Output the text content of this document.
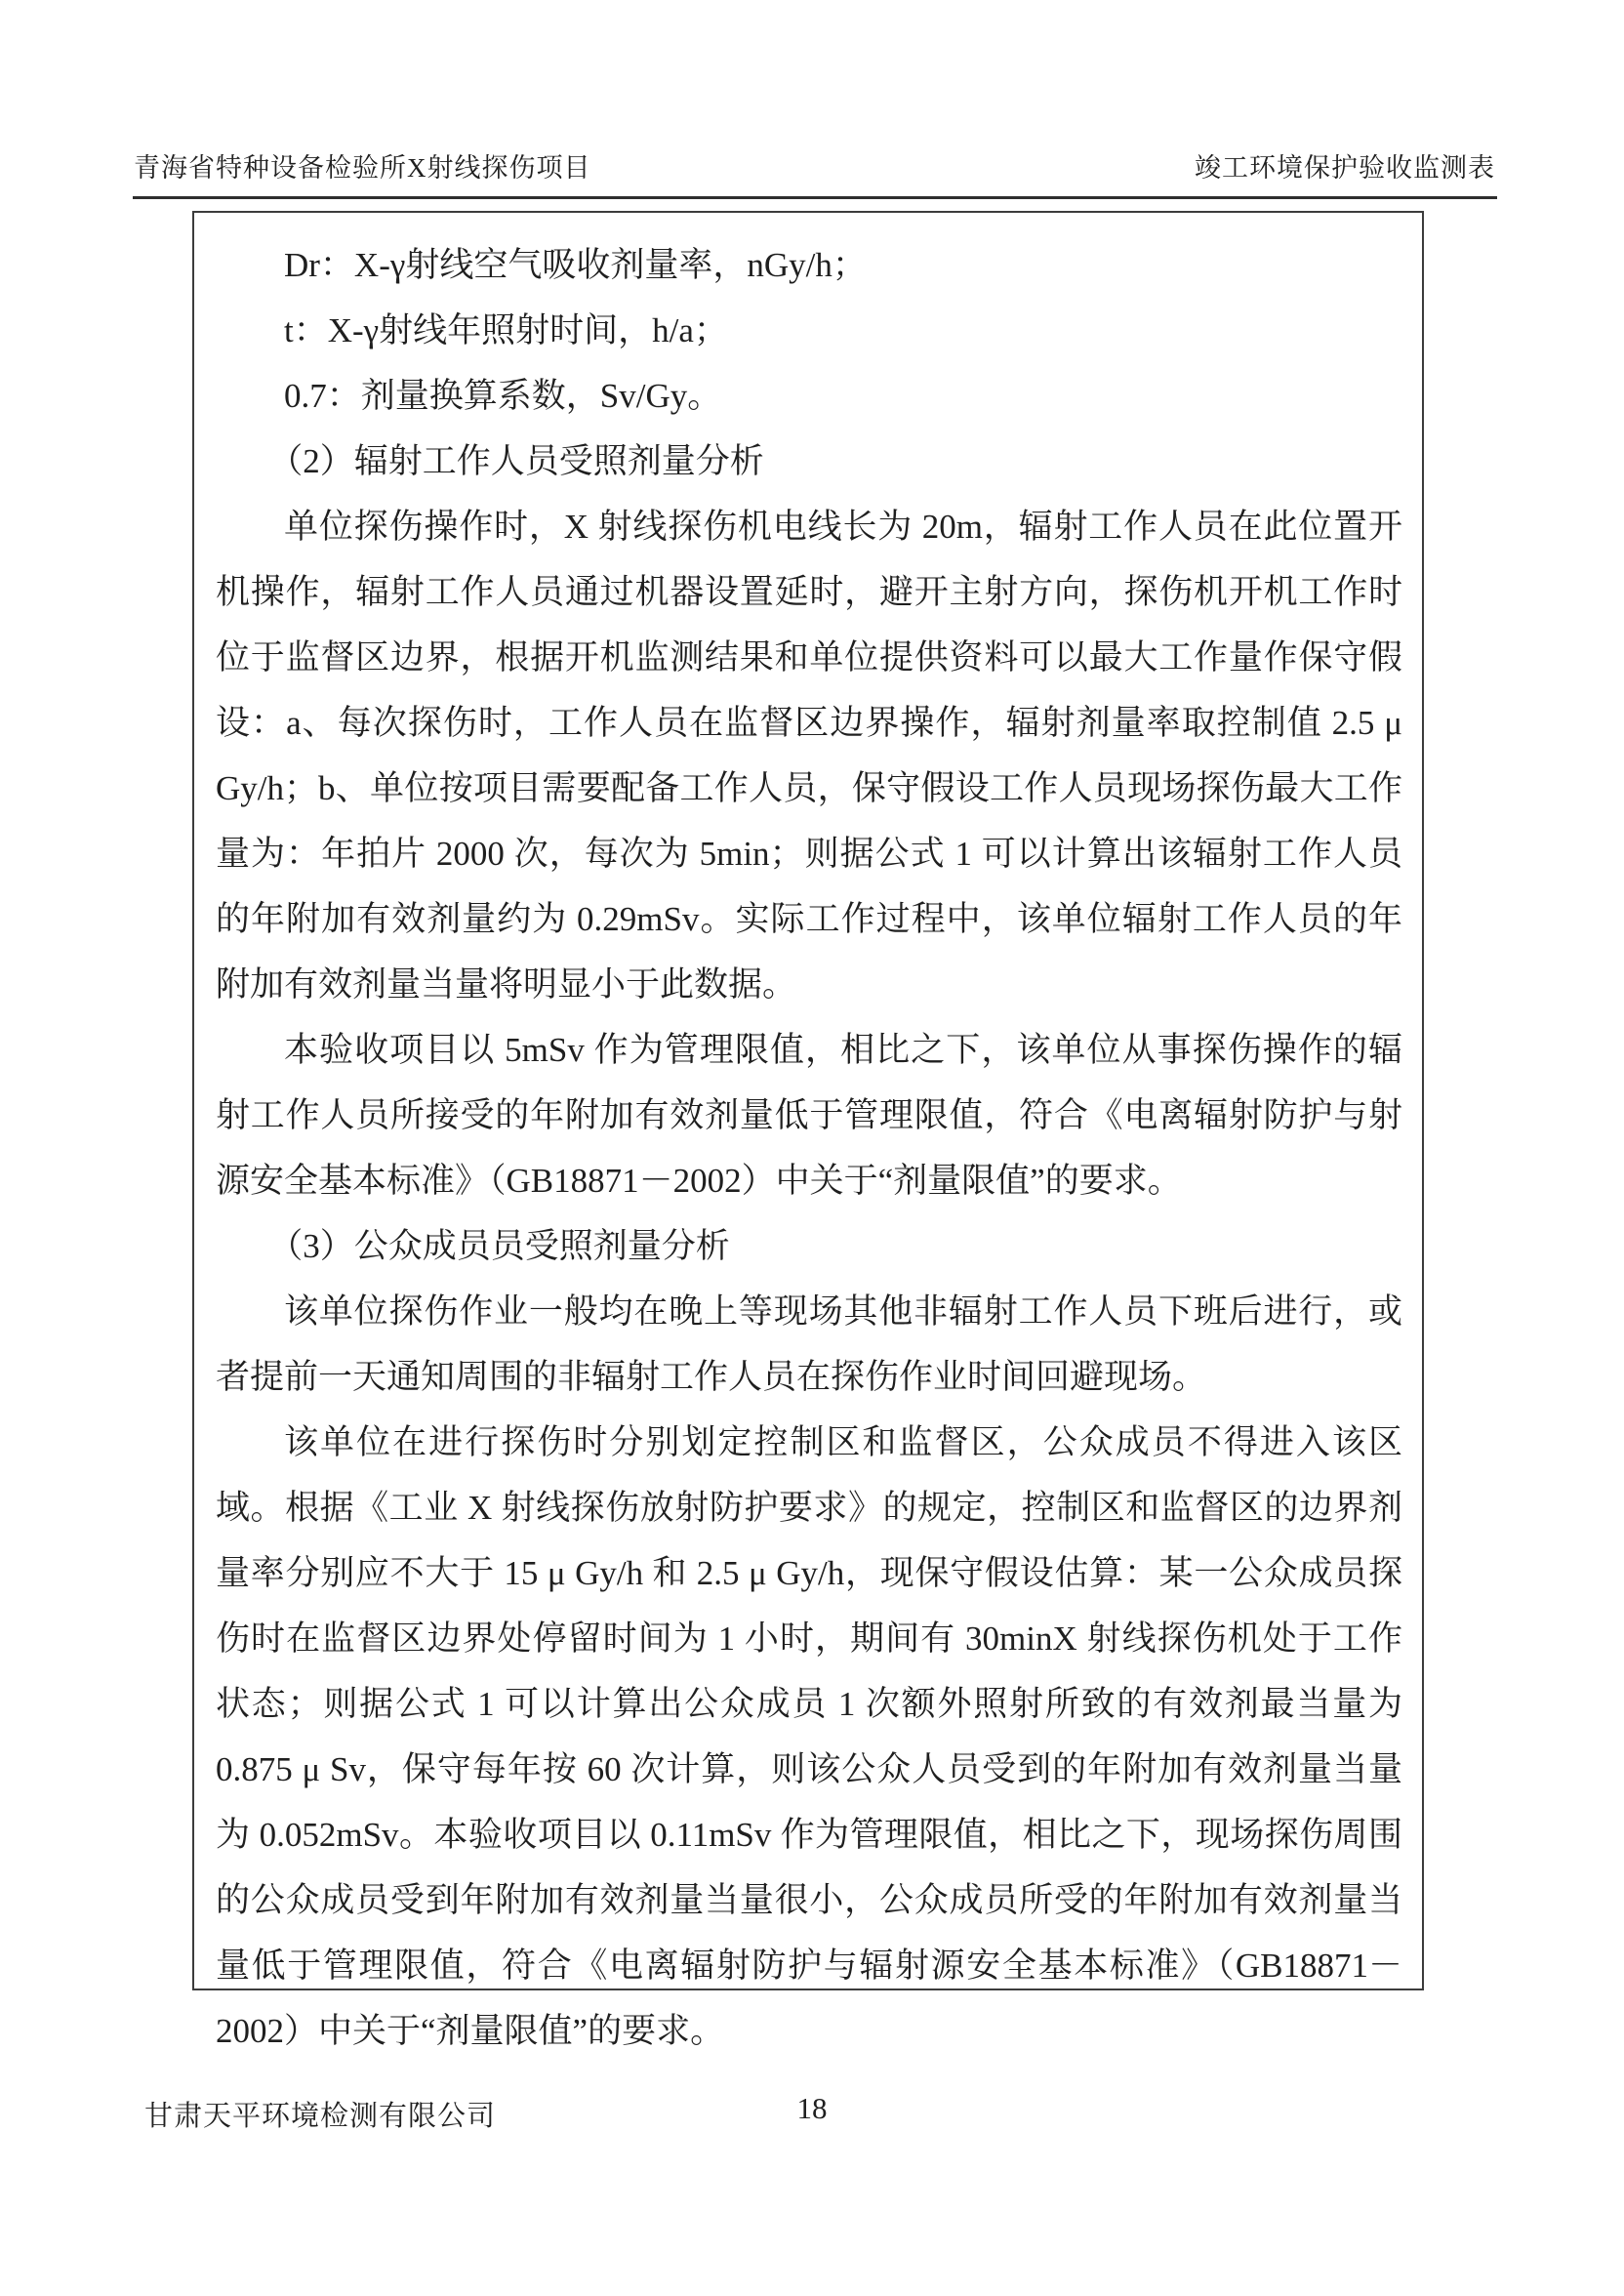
青海省特种设备检验所X射线探伤项目	竣工环境保护验收监测表

Dr：X-γ射线空气吸收剂量率，nGy/h；

t：X-γ射线年照射时间，h/a；

0.7：剂量换算系数，Sv/Gy。

（2）辐射工作人员受照剂量分析

单位探伤操作时，X 射线探伤机电线长为 20m，辐射工作人员在此位置开机操作，辐射工作人员通过机器设置延时，避开主射方向，探伤机开机工作时位于监督区边界，根据开机监测结果和单位提供资料可以最大工作量作保守假设：a、每次探伤时，工作人员在监督区边界操作，辐射剂量率取控制值 2.5 μ Gy/h；b、单位按项目需要配备工作人员，保守假设工作人员现场探伤最大工作量为：年拍片 2000 次，每次为 5min；则据公式 1 可以计算出该辐射工作人员的年附加有效剂量约为 0.29mSv。实际工作过程中，该单位辐射工作人员的年附加有效剂量当量将明显小于此数据。

本验收项目以 5mSv 作为管理限值，相比之下，该单位从事探伤操作的辐射工作人员所接受的年附加有效剂量低于管理限值，符合《电离辐射防护与射源安全基本标准》（GB18871－2002）中关于“剂量限值”的要求。

（3）公众成员员受照剂量分析

该单位探伤作业一般均在晚上等现场其他非辐射工作人员下班后进行，或者提前一天通知周围的非辐射工作人员在探伤作业时间回避现场。

该单位在进行探伤时分别划定控制区和监督区，公众成员不得进入该区域。根据《工业 X 射线探伤放射防护要求》的规定，控制区和监督区的边界剂量率分别应不大于 15 μ Gy/h 和 2.5 μ Gy/h，现保守假设估算：某一公众成员探伤时在监督区边界处停留时间为 1 小时，期间有 30minX 射线探伤机处于工作状态；则据公式 1 可以计算出公众成员 1 次额外照射所致的有效剂最当量为 0.875 μ Sv，保守每年按 60 次计算，则该公众人员受到的年附加有效剂量当量为 0.052mSv。本验收项目以 0.11mSv 作为管理限值，相比之下，现场探伤周围的公众成员受到年附加有效剂量当量很小，公众成员所受的年附加有效剂量当量低于管理限值，符合《电离辐射防护与辐射源安全基本标准》（GB18871－2002）中关于“剂量限值”的要求。

甘肃天平环境检测有限公司	18
